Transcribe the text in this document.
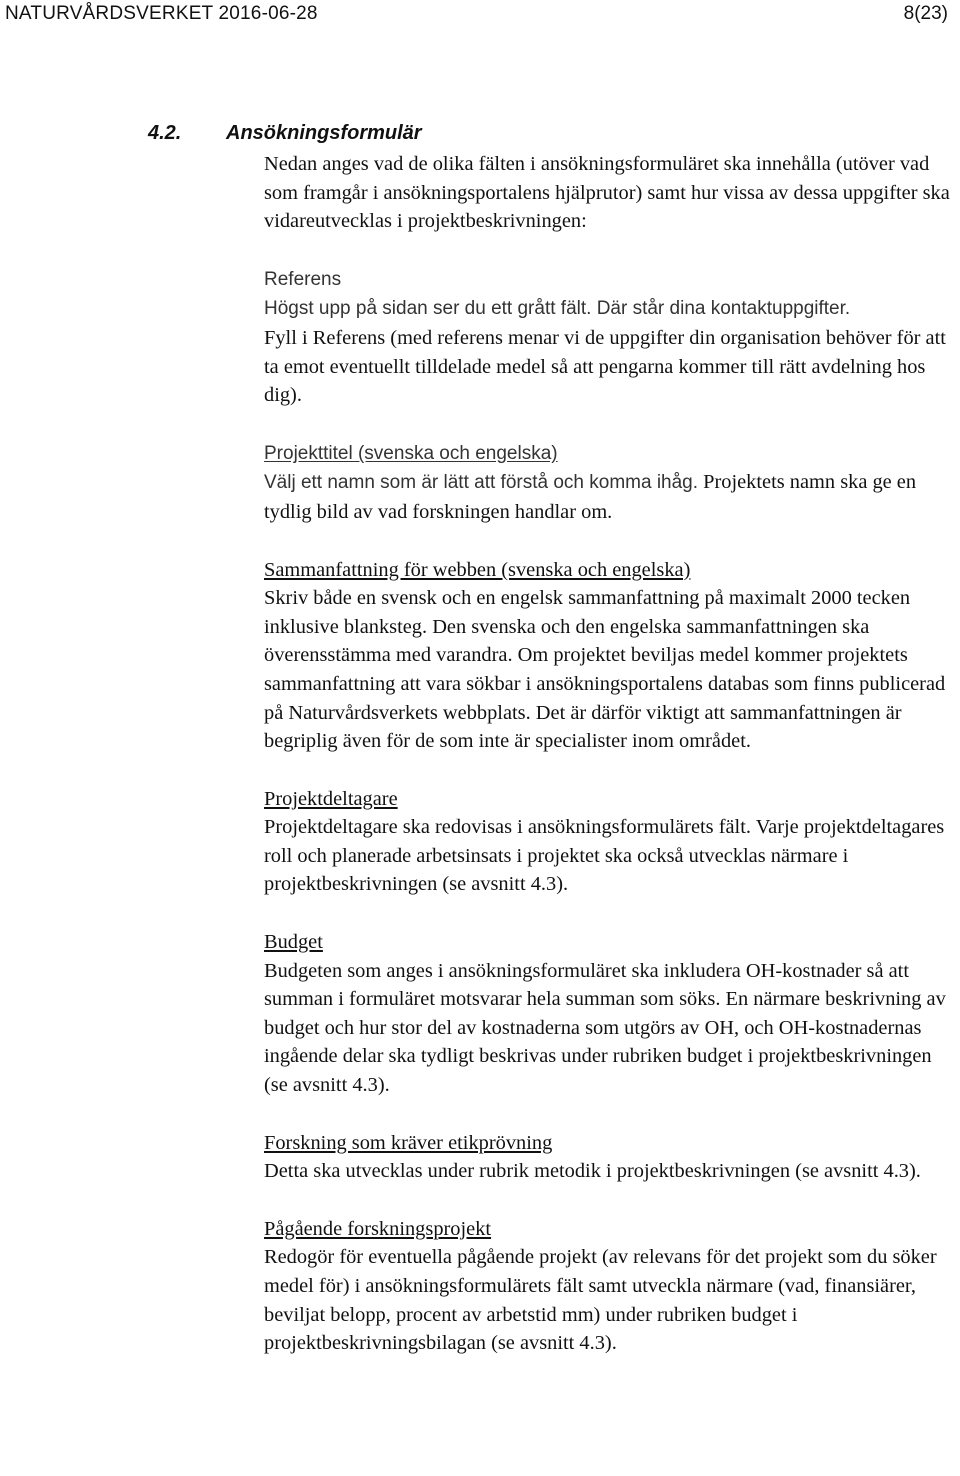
NATURVÅRDSVERKET 2016-06-28	8(23)
4.2. Ansökningsformulär

Nedan anges vad de olika fälten i ansökningsformuläret ska innehålla (utöver vad som framgår i ansökningsportalens hjälprutor) samt hur vissa av dessa uppgifter ska vidareutvecklas i projektbeskrivningen:

Referens

Högst upp på sidan ser du ett grått fält. Där står dina kontaktuppgifter.
Fyll i Referens (med referens menar vi de uppgifter din organisation behöver för att ta emot eventuellt tilldelade medel så att pengarna kommer till rätt avdelning hos dig).

Projekttitel (svenska och engelska)

Välj ett namn som är lätt att förstå och komma ihåg. Projektets namn ska ge en tydlig bild av vad forskningen handlar om.

Sammanfattning för webben (svenska och engelska)

Skriv både en svensk och en engelsk sammanfattning på maximalt 2000 tecken inklusive blanksteg. Den svenska och den engelska sammanfattningen ska överensstämma med varandra. Om projektet beviljas medel kommer projektets sammanfattning att vara sökbar i ansökningsportalens databas som finns publicerad på Naturvårdsverkets webbplats. Det är därför viktigt att sammanfattningen är begriplig även för de som inte är specialister inom området.

Projektdeltagare

Projektdeltagare ska redovisas i ansökningsformulärets fält. Varje projektdeltagares roll och planerade arbetsinsats i projektet ska också utvecklas närmare i projektbeskrivningen (se avsnitt 4.3).

Budget

Budgeten som anges i ansökningsformuläret ska inkludera OH-kostnader så att summan i formuläret motsvarar hela summan som söks. En närmare beskrivning av budget och hur stor del av kostnaderna som utgörs av OH, och OH-kostnadernas ingående delar ska tydligt beskrivas under rubriken budget i projektbeskrivningen (se avsnitt 4.3).

Forskning som kräver etikprövning

Detta ska utvecklas under rubrik metodik i projektbeskrivningen (se avsnitt 4.3).

Pågående forskningsprojekt

Redogör för eventuella pågående projekt (av relevans för det projekt som du söker medel för) i ansökningsformulärets fält samt utveckla närmare (vad, finansiärer, beviljat belopp, procent av arbetstid mm) under rubriken budget i projektbeskrivningsbilagan (se avsnitt 4.3).
